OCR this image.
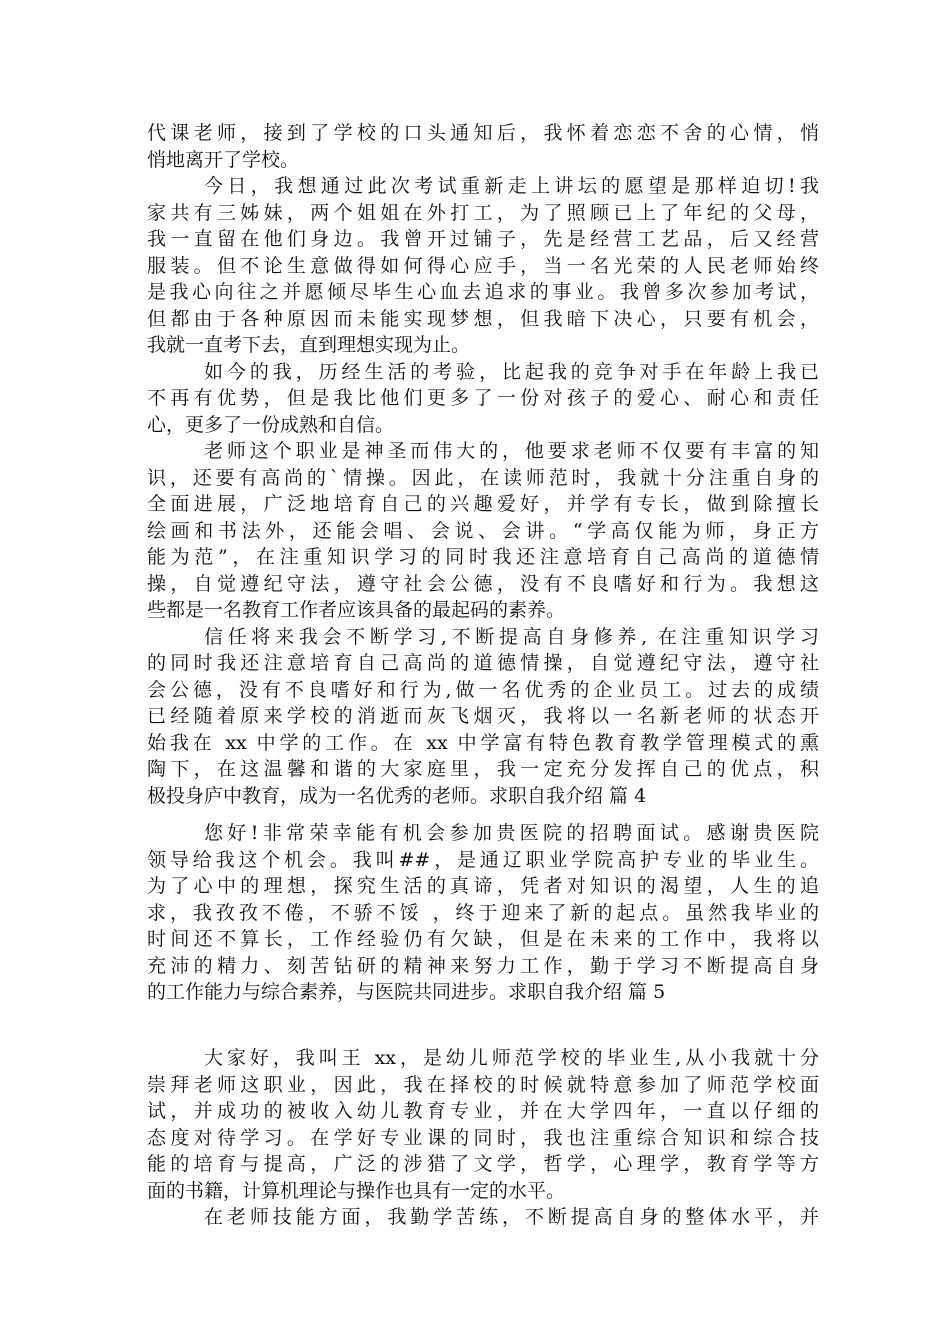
代课老师，接到了学校的口头通知后，我怀着恋恋不舍的心情，悄
悄地离开了学校。
今日，我想通过此次考试重新走上讲坛的愿望是那样迫切!我
家共有三姊妹，两个姐姐在外打工，为了照顾已上了年纪的父母，
我一直留在他们身边。我曾开过铺子，先是经营工艺品，后又经营
服装。但不论生意做得如何得心应手，当一名光荣的人民老师始终
是我心向往之并愿倾尽毕生心血去追求的事业。我曾多次参加考试，
但都由于各种原因而未能实现梦想，但我暗下决心，只要有机会，
我就一直考下去，直到理想实现为止。
如今的我，历经生活的考验，比起我的竞争对手在年龄上我已
不再有优势，但是我比他们更多了一份对孩子的爱心、耐心和责任
心，更多了一份成熟和自信。
老师这个职业是神圣而伟大的，他要求老师不仅要有丰富的知
识，还要有高尚的`情操。因此，在读师范时，我就十分注重自身的
全面进展，广泛地培育自己的兴趣爱好，并学有专长，做到除擅长
绘画和书法外，还能会唱、会说、会讲。“学高仅能为师，身正方
能为范”，在注重知识学习的同时我还注意培育自己高尚的道德情
操，自觉遵纪守法，遵守社会公德，没有不良嗜好和行为。我想这
些都是一名教育工作者应该具备的最起码的素养。
信任将来我会不断学习,不断提高自身修养, 在注重知识学习
的同时我还注意培育自己高尚的道德情操，自觉遵纪守法，遵守社
会公德，没有不良嗜好和行为,做一名优秀的企业员工。过去的成绩
已经随着原来学校的消逝而灰飞烟灭，我将以一名新老师的状态开
始我在 xx 中学的工作。在 xx 中学富有特色教育教学管理模式的熏
陶下，在这温馨和谐的大家庭里，我一定充分发挥自己的优点，积
极投身庐中教育，成为一名优秀的老师。求职自我介绍 篇 4
您好!非常荣幸能有机会参加贵医院的招聘面试。感谢贵医院
领导给我这个机会。我叫##，是通辽职业学院高护专业的毕业生。
为了心中的理想，探究生活的真谛，凭者对知识的渴望，人生的追
求，我孜孜不倦，不骄不馁 ，终于迎来了新的起点。虽然我毕业的
时间还不算长，工作经验仍有欠缺，但是在未来的工作中，我将以
充沛的精力、刻苦钻研的精神来努力工作，勤于学习不断提高自身
的工作能力与综合素养，与医院共同进步。求职自我介绍 篇 5
大家好，我叫王 xx，是幼儿师范学校的毕业生,从小我就十分
崇拜老师这职业，因此，我在择校的时候就特意参加了师范学校面
试，并成功的被收入幼儿教育专业，并在大学四年，一直以仔细的
态度对待学习。在学好专业课的同时，我也注重综合知识和综合技
能的培育与提高，广泛的涉猎了文学，哲学，心理学，教育学等方
面的书籍，计算机理论与操作也具有一定的水平。
在老师技能方面，我勤学苦练，不断提高自身的整体水平，并
